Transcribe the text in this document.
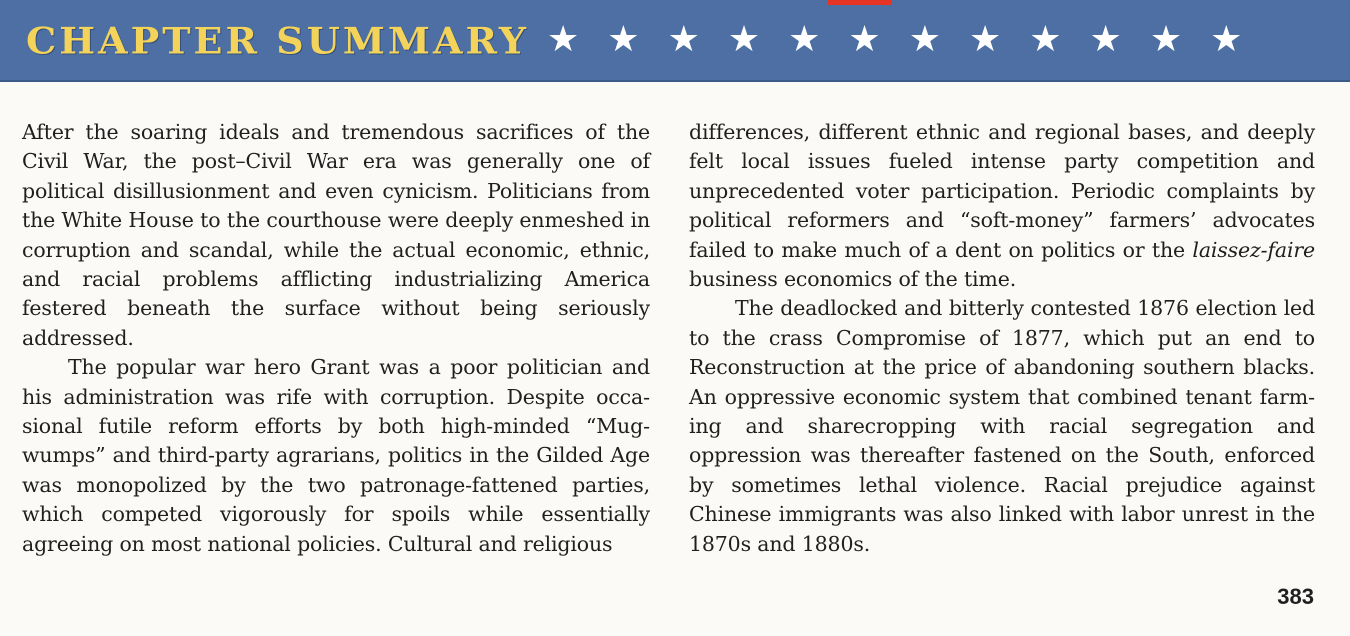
CHAPTER SUMMARY ★ ★ ★ ★ ★ ★ ★ ★ ★ ★ ★ ★

After the soaring ideals and tremendous sacrifices of the Civil War, the post–Civil War era was generally one of political disillusionment and even cynicism. Politicians from the White House to the courthouse were deeply enmeshed in corruption and scandal, while the actual economic, ethnic, and racial problems afflicting industrializing America festered beneath the surface without being seriously addressed.

The popular war hero Grant was a poor politician and his administration was rife with corruption. Despite occasional futile reform efforts by both high-minded “Mugwumps” and third-party agrarians, politics in the Gilded Age was monopolized by the two patronage-fattened parties, which competed vigorously for spoils while essentially agreeing on most national policies. Cultural and religious

differences, different ethnic and regional bases, and deeply felt local issues fueled intense party competition and unprecedented voter participation. Periodic complaints by political reformers and “soft-money” farmers’ advocates failed to make much of a dent on politics or the laissez-faire business economics of the time.

The deadlocked and bitterly contested 1876 election led to the crass Compromise of 1877, which put an end to Reconstruction at the price of abandoning southern blacks. An oppressive economic system that combined tenant farming and sharecropping with racial segregation and oppression was thereafter fastened on the South, enforced by sometimes lethal violence. Racial prejudice against Chinese immigrants was also linked with labor unrest in the 1870s and 1880s.

383
